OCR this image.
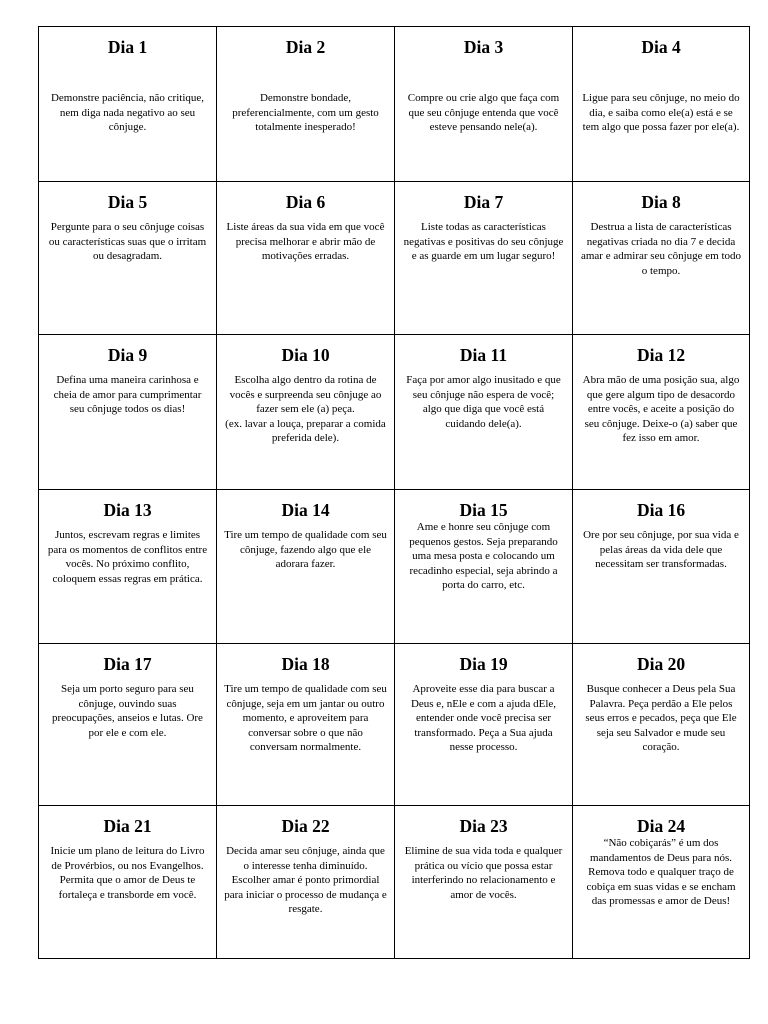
Dia 1
Demonstre paciência, não critique, nem diga nada negativo ao seu cônjuge.
Dia 2
Demonstre bondade, preferencialmente, com um gesto totalmente inesperado!
Dia 3
Compre ou crie algo que faça com que seu cônjuge entenda que você esteve pensando nele(a).
Dia 4
Ligue para seu cônjuge, no meio do dia, e saiba como ele(a) está e se tem algo que possa fazer por ele(a).
Dia 5
Pergunte para o seu cônjuge coisas ou características suas que o irritam ou desagradam.
Dia 6
Liste áreas da sua vida em que você precisa melhorar e abrir mão de motivações erradas.
Dia 7
Liste todas as características negativas e positivas do seu cônjuge e as guarde em um lugar seguro!
Dia 8
Destrua a lista de características negativas criada no dia 7 e decida amar e admirar seu cônjuge em todo o tempo.
Dia 9
Defina uma maneira carinhosa e cheia de amor para cumprimentar seu cônjuge todos os dias!
Dia 10
Escolha algo dentro da rotina de vocês e surpreenda seu cônjuge ao fazer sem ele (a) peça.
(ex. lavar a louça, preparar a comida preferida dele).
Dia 11
Faça por amor algo inusitado e que seu cônjuge não espera de você; algo que diga que você está cuidando dele(a).
Dia 12
Abra mão de uma posição sua, algo que gere algum tipo de desacordo entre vocês, e aceite a posição do seu cônjuge. Deixe-o (a) saber que fez isso em amor.
Dia 13
Juntos, escrevam regras e limites para os momentos de conflitos entre vocês. No próximo conflito, coloquem essas regras em prática.
Dia 14
Tire um tempo de qualidade com seu cônjuge, fazendo algo que ele adorara fazer.
Dia 15
Ame e honre seu cônjuge com pequenos gestos. Seja preparando uma mesa posta e colocando um recadinho especial, seja abrindo a porta do carro, etc.
Dia 16
Ore por seu cônjuge, por sua vida e pelas áreas da vida dele que necessitam ser transformadas.
Dia 17
Seja um porto seguro para seu cônjuge, ouvindo suas preocupações, anseios e lutas. Ore por ele e com ele.
Dia 18
Tire um tempo de qualidade com seu cônjuge, seja em um jantar ou outro momento, e aproveitem para conversar sobre o que não conversam normalmente.
Dia 19
Aproveite esse dia para buscar a Deus e, nEle e com a ajuda dEle, entender onde você precisa ser transformado. Peça a Sua ajuda nesse processo.
Dia 20
Busque conhecer a Deus pela Sua Palavra. Peça perdão a Ele pelos seus erros e pecados, peça que Ele seja seu Salvador e mude seu coração.
Dia 21
Inicie um plano de leitura do Livro de Provérbios, ou nos Evangelhos. Permita que o amor de Deus te fortaleça e transborde em você.
Dia 22
Decida amar seu cônjuge, ainda que o interesse tenha diminuído. Escolher amar é ponto primordial para iniciar o processo de mudança e resgate.
Dia 23
Elimine de sua vida toda e qualquer prática ou vício que possa estar interferindo no relacionamento e amor de vocês.
Dia 24
“Não cobiçarás” é um dos mandamentos de Deus para nós. Remova todo e qualquer traço de cobiça em suas vidas e se encham das promessas e amor de Deus!
